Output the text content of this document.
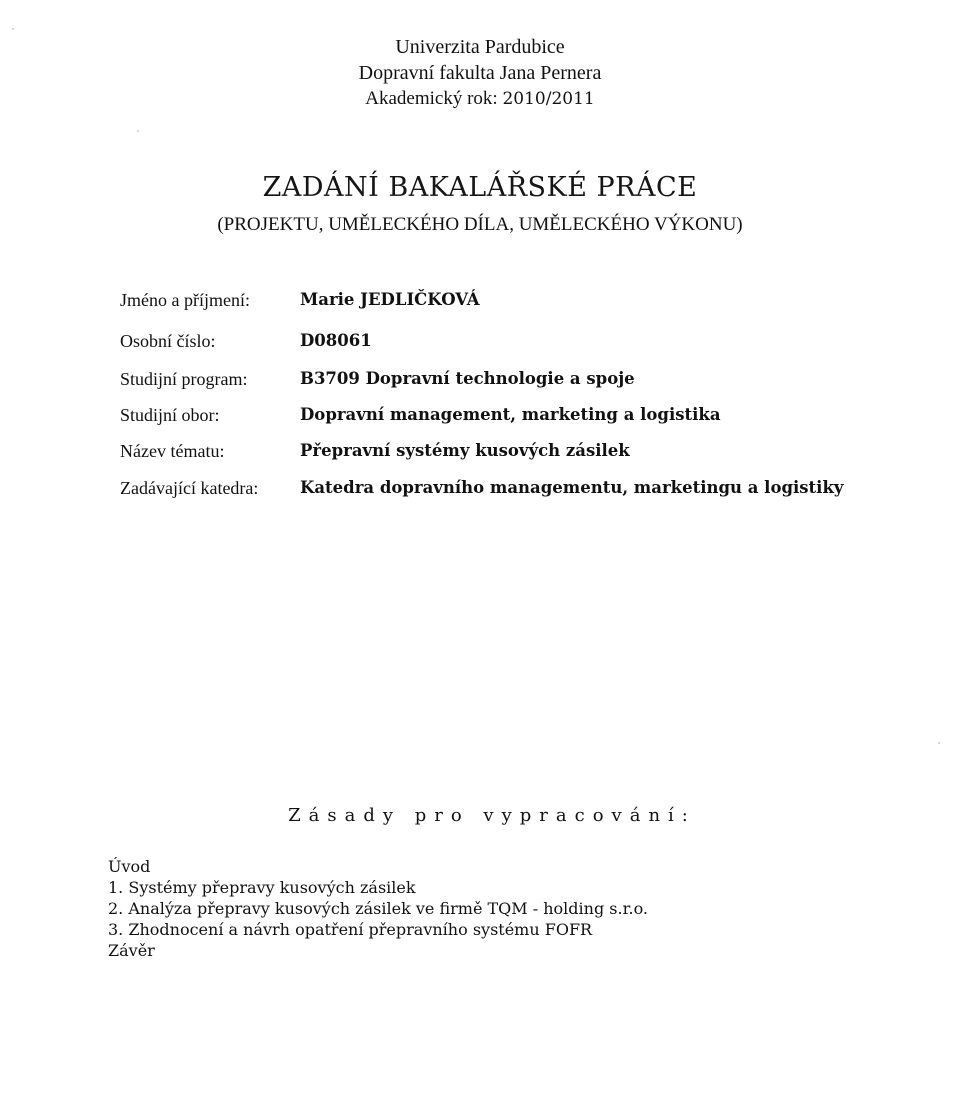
Univerzita Pardubice
Dopravní fakulta Jana Pernera
Akademický rok: 2010/2011
ZADÁNÍ BAKALÁŘSKÉ PRÁCE
(PROJEKTU, UMĚLECKÉHO DÍLA, UMĚLECKÉHO VÝKONU)
Jméno a příjmení:	Marie JEDLIČKOVÁ
Osobní číslo:	D08061
Studijní program:	B3709 Dopravní technologie a spoje
Studijní obor:	Dopravní management, marketing a logistika
Název tématu:	Přepravní systémy kusových zásilek
Zadávající katedra:	Katedra dopravního managementu, marketingu a logistiky
Zásady pro vypracování:
Úvod
1. Systémy přepravy kusových zásilek
2. Analýza přepravy kusových zásilek ve firmě TQM - holding s.r.o.
3. Zhodnocení a návrh opatření přepravního systému FOFR
Závěr
